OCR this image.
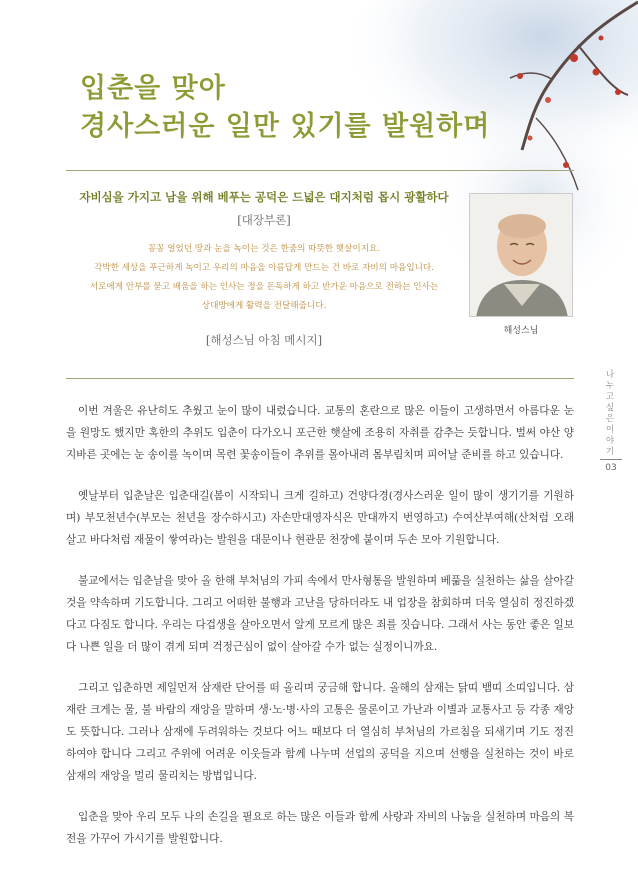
입춘을 맞아
경사스러운 일만 있기를 발원하며
자비심을 가지고 남을 위해 베푸는 공덕은 드넓은 대지처럼 몹시 광활하다
[대장부론]
꽁꽁 얼었던 땅과 눈을 녹이는 것은 한줌의 따뜻한 햇살이지요.
각박한 세상을 푸근하게 녹이고 우리의 마음을 아름답게 만드는 건 바로 자비의 마음입니다.
서로에게 안부를 묻고 배움을 하는 인사는 정을 돈독하게 하고 반가운 마음으로 전하는 인사는
상대방에게 활력을 전달해줍니다.
[해성스님 아침 메시지]
해성스님
나누고 싶은 이야기
03

이번 겨울은 유난히도 추웠고 눈이 많이 내렸습니다. 교통의 혼란으로 많은 이들이 고생하면서 아름다운 눈을 원망도 했지만 혹한의 추위도 입춘이 다가오니 포근한 햇살에 조용히 자취를 감추는 듯합니다. 벌써 야산 양지바른 곳에는 눈 송이를 녹이며 목련 꽃송이들이 추위를 몰아내려 몸부림치며 피어날 준비를 하고 있습니다.

옛날부터 입춘날은 입춘대길(봄이 시작되니 크게 길하고) 건양다경(경사스러운 일이 많이 생기기를 기원하며) 부모천년수(부모는 천년을 장수하시고) 자손만대영자식은 만대까지 번영하고) 수여산부여해(산처럼 오래살고 바다처럼 재물이 쌓여라)는 발원을 대문이나 현관문 천장에 붙이며 두손 모아 기원합니다.

불교에서는 입춘날을 맞아 올 한해 부처님의 가피 속에서 만사형통을 발원하며 베풂을 실천하는 삶을 살아갈 것을 약속하며 기도합니다. 그리고 어떠한 불행과 고난을 당하더라도 내 업장을 참회하며 더욱 열심히 정진하겠다고 다짐도 합니다. 우리는 다겁생을 살아오면서 알게 모르게 많은 죄를 짓습니다. 그래서 사는 동안 좋은 일보다 나쁜 일을 더 많이 겪게 되며 걱정근심이 없이 살아갈 수가 없는 실정이니까요.

그리고 입춘하면 제일먼저 삼재란 단어를 떠 올리며 궁금해 합니다. 올해의 삼재는 닭띠 뱀띠 소띠입니다. 삼재란 크게는 물, 불 바람의 재앙을 말하며 생·노·병·사의 고통은 물론이고 가난과 이별과 교통사고 등 각종 재앙도 뜻합니다. 그러나 삼재에 두려워하는 것보다 어느 때보다 더 열심히 부처님의 가르침을 되새기며 기도 정진하여야 합니다 그리고 주위에 어려운 이웃들과 함께 나누며 선업의 공덕을 지으며 선행을 실천하는 것이 바로 삼재의 재앙을 멀리 물리치는 방법입니다.

입춘을 맞아 우리 모두 나의 손길을 필요로 하는 많은 이들과 함께 사랑과 자비의 나눔을 실천하며 마음의 복전을 가꾸어 가시기를 발원합니다.
